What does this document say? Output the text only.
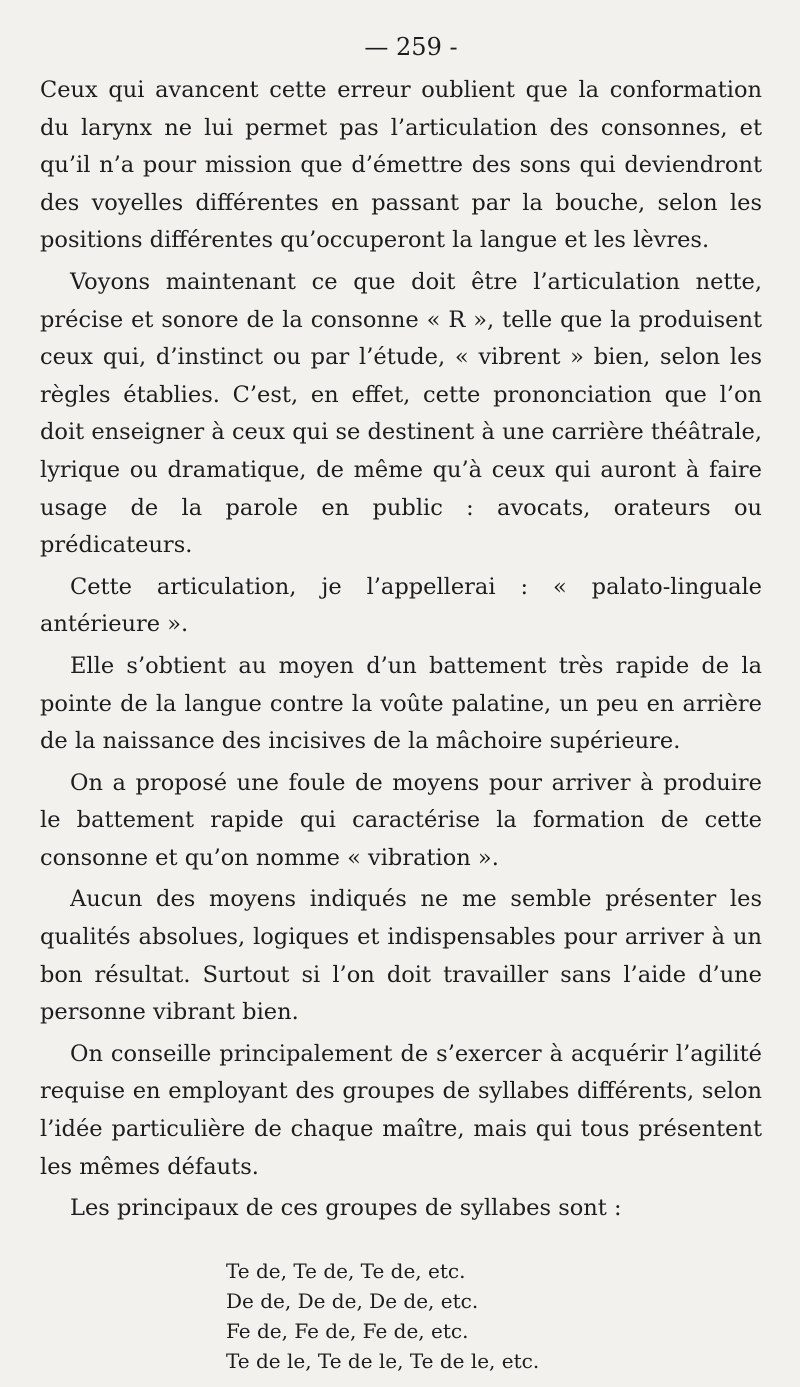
— 259 -

Ceux qui avancent cette erreur oublient que la conformation du larynx ne lui permet pas l’articulation des consonnes, et qu’il n’a pour mission que d’émettre des sons qui deviendront des voyelles différentes en passant par la bouche, selon les positions différentes qu’occuperont la langue et les lèvres.

Voyons maintenant ce que doit être l’articulation nette, précise et sonore de la consonne « R », telle que la produisent ceux qui, d’instinct ou par l’étude, « vibrent » bien, selon les règles établies. C’est, en effet, cette prononciation que l’on doit enseigner à ceux qui se destinent à une carrière théâtrale, lyrique ou dramatique, de même qu’à ceux qui auront à faire usage de la parole en public : avocats, orateurs ou prédicateurs.

Cette articulation, je l’appellerai : « palato-linguale antérieure ».

Elle s’obtient au moyen d’un battement très rapide de la pointe de la langue contre la voûte palatine, un peu en arrière de la naissance des incisives de la mâchoire supérieure.

On a proposé une foule de moyens pour arriver à produire le battement rapide qui caractérise la formation de cette consonne et qu’on nomme « vibration ».

Aucun des moyens indiqués ne me semble présenter les qualités absolues, logiques et indispensables pour arriver à un bon résultat. Surtout si l’on doit travailler sans l’aide d’une personne vibrant bien.

On conseille principalement de s’exercer à acquérir l’agilité requise en employant des groupes de syllabes différents, selon l’idée particulière de chaque maître, mais qui tous présentent les mêmes défauts.

Les principaux de ces groupes de syllabes sont :

Te de, Te de, Te de, etc.
De de, De de, De de, etc.
Fe de, Fe de, Fe de, etc.
Te de le, Te de le, Te de le, etc.
